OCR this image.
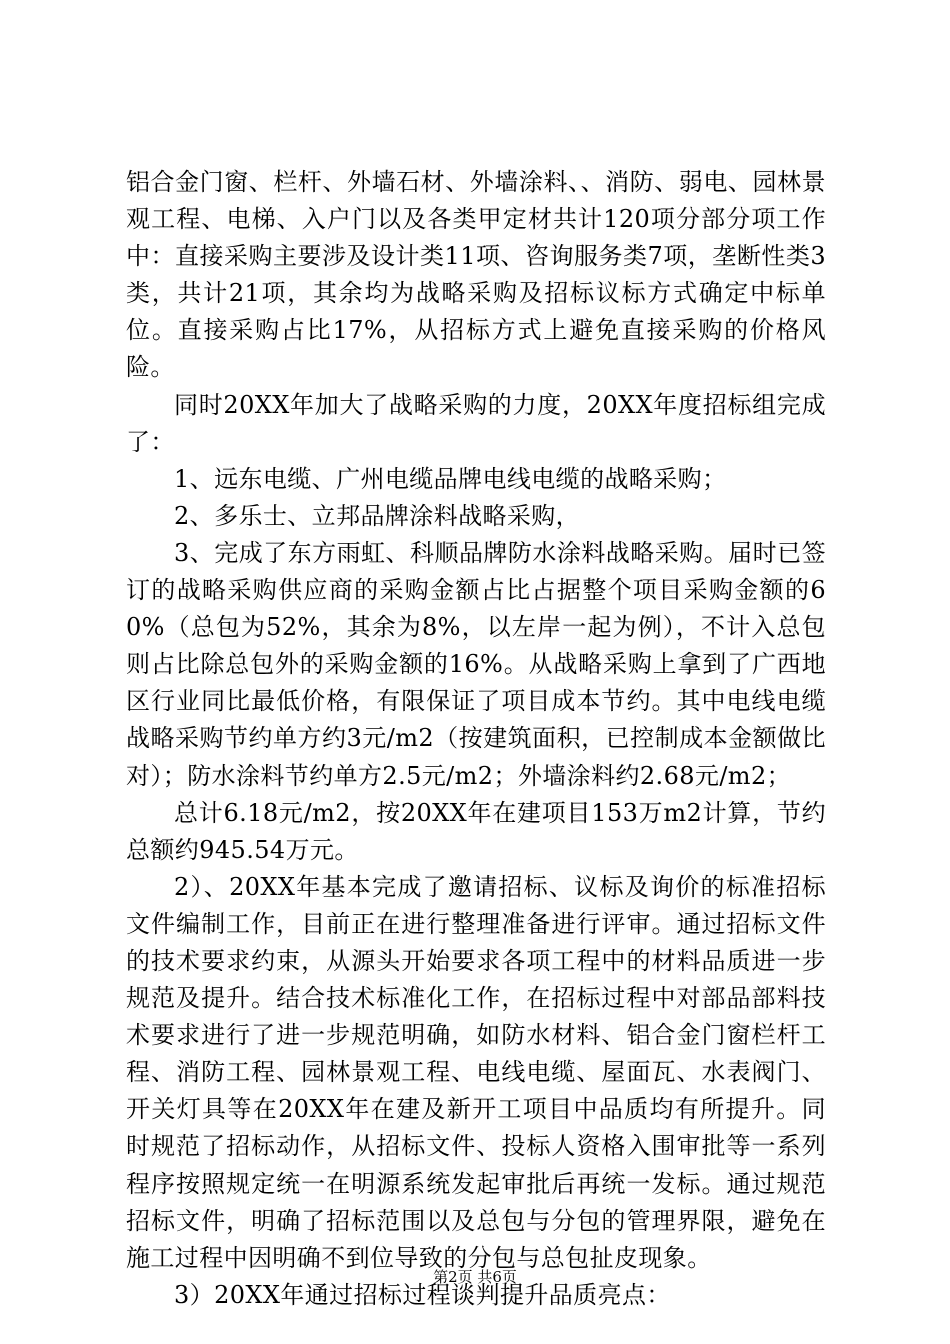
铝合金门窗、栏杆、外墙石材、外墙涂料、、消防、弱电、园林景观工程、电梯、入户门以及各类甲定材共计120项分部分项工作中：直接采购主要涉及设计类11项、咨询服务类7项，垄断性类3类，共计21项，其余均为战略采购及招标议标方式确定中标单位。直接采购占比17%，从招标方式上避免直接采购的价格风险。

同时20XX年加大了战略采购的力度，20XX年度招标组完成了：

1、远东电缆、广州电缆品牌电线电缆的战略采购；

2、多乐士、立邦品牌涂料战略采购，

3、完成了东方雨虹、科顺品牌防水涂料战略采购。届时已签订的战略采购供应商的采购金额占比占据整个项目采购金额的60%（总包为52%，其余为8%，以左岸一起为例），不计入总包则占比除总包外的采购金额的16%。从战略采购上拿到了广西地区行业同比最低价格，有限保证了项目成本节约。其中电线电缆战略采购节约单方约3元/m2（按建筑面积，已控制成本金额做比对）；防水涂料节约单方2.5元/m2；外墙涂料约2.68元/m2；

总计6.18元/m2，按20XX年在建项目153万m2计算，节约总额约945.54万元。

2）、20XX年基本完成了邀请招标、议标及询价的标准招标文件编制工作，目前正在进行整理准备进行评审。通过招标文件的技术要求约束，从源头开始要求各项工程中的材料品质进一步规范及提升。结合技术标准化工作，在招标过程中对部品部料技术要求进行了进一步规范明确，如防水材料、铝合金门窗栏杆工程、消防工程、园林景观工程、电线电缆、屋面瓦、水表阀门、开关灯具等在20XX年在建及新开工项目中品质均有所提升。同时规范了招标动作，从招标文件、投标人资格入围审批等一系列程序按照规定统一在明源系统发起审批后再统一发标。通过规范招标文件，明确了招标范围以及总包与分包的管理界限，避免在施工过程中因明确不到位导致的分包与总包扯皮现象。

3）20XX年通过招标过程谈判提升品质亮点：

第2页 共6页
